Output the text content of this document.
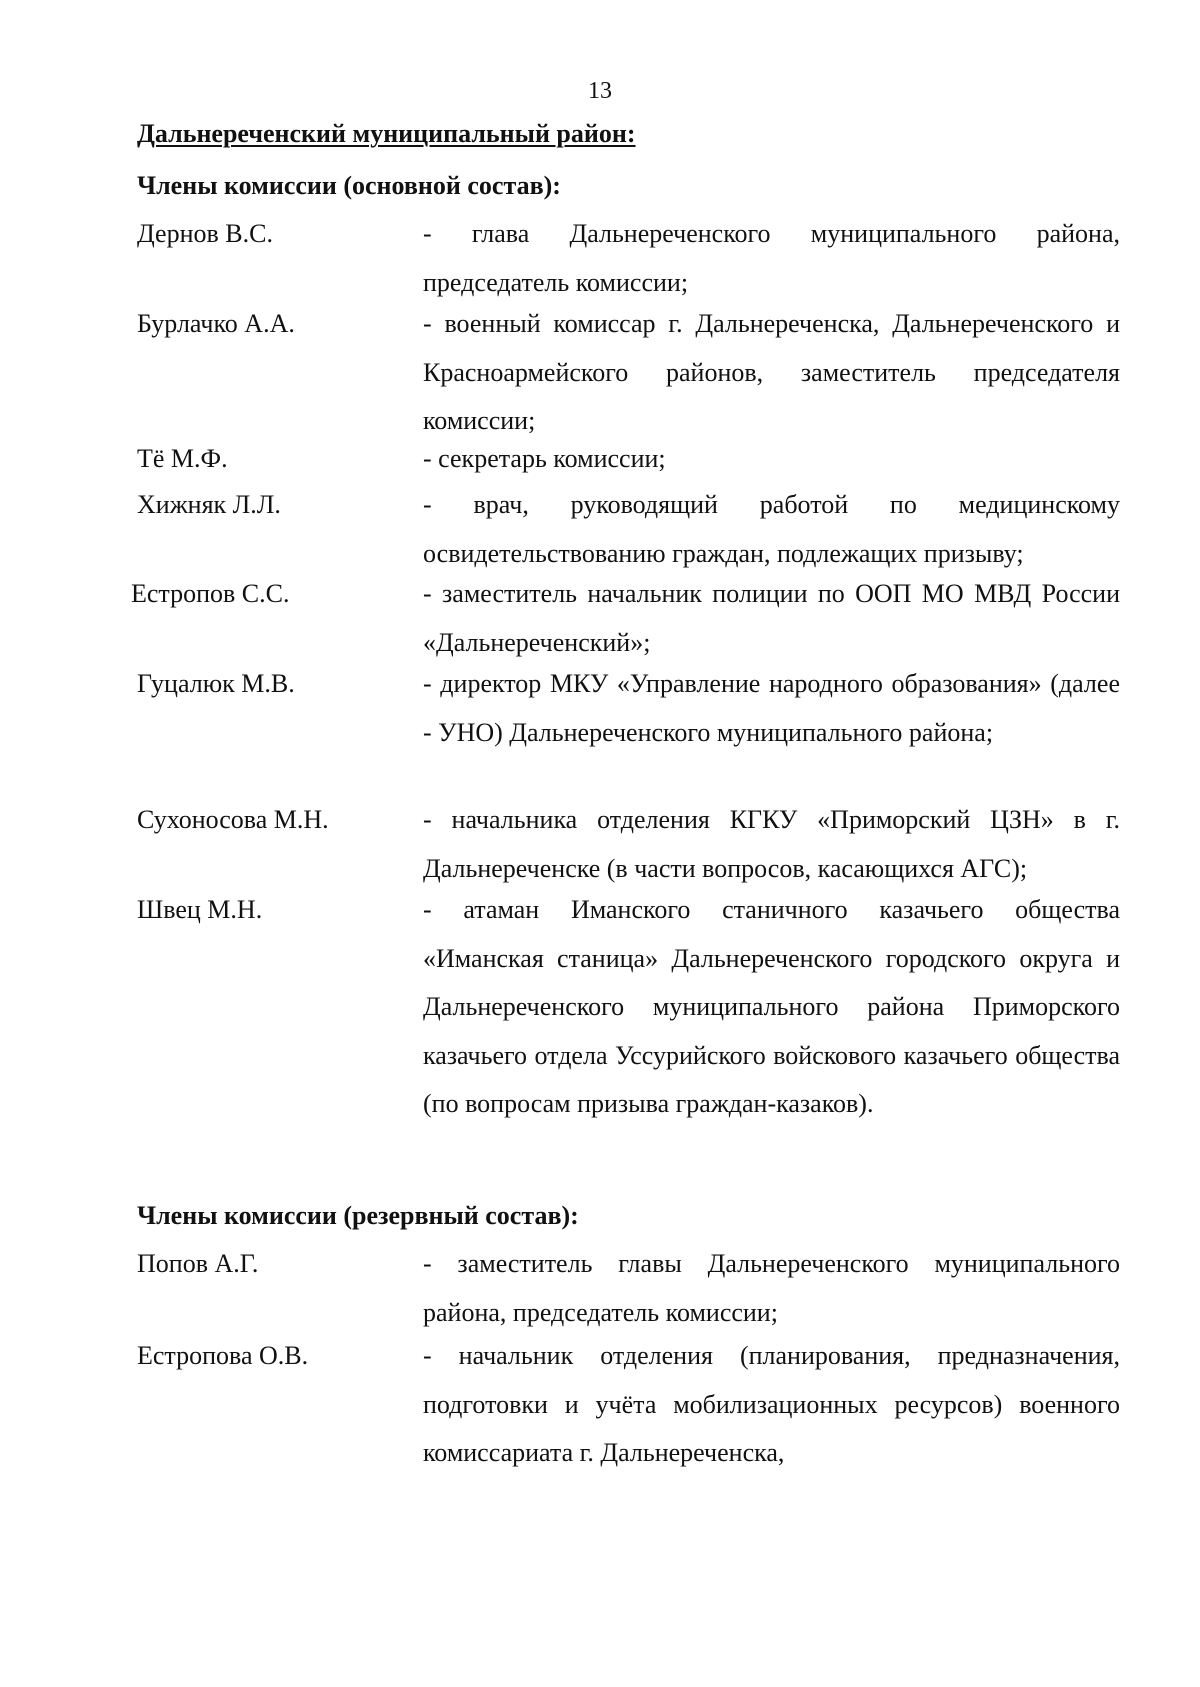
13
Дальнереченский муниципальный район:
Члены комиссии (основной состав):
Дернов В.С.	- глава Дальнереченского муниципального района, председатель комиссии;
Бурлачко А.А.	- военный комиссар г. Дальнереченска, Дальнереченского и Красноармейского районов, заместитель председателя комиссии;
Тё М.Ф.	- секретарь комиссии;
Хижняк Л.Л.	- врач, руководящий работой по медицинскому освидетельствованию граждан, подлежащих призыву;
Естропов С.С.	- заместитель начальник полиции по ООП МО МВД России «Дальнереченский»;
Гуцалюк М.В.	- директор МКУ «Управление народного образования» (далее - УНО) Дальнереченского муниципального района;
Сухоносова М.Н.	- начальника отделения КГКУ «Приморский ЦЗН» в г. Дальнереченске (в части вопросов, касающихся АГС);
Швец М.Н.	- атаман Иманского станичного казачьего общества «Иманская станица» Дальнереченского городского округа и Дальнереченского муниципального района Приморского казачьего отдела Уссурийского войскового казачьего общества (по вопросам призыва граждан-казаков).
Члены комиссии (резервный состав):
Попов А.Г.	- заместитель главы Дальнереченского муниципального района, председатель комиссии;
Естропова О.В.	- начальник отделения (планирования, предназначения, подготовки и учёта мобилизационных ресурсов) военного комиссариата г. Дальнереченска,
